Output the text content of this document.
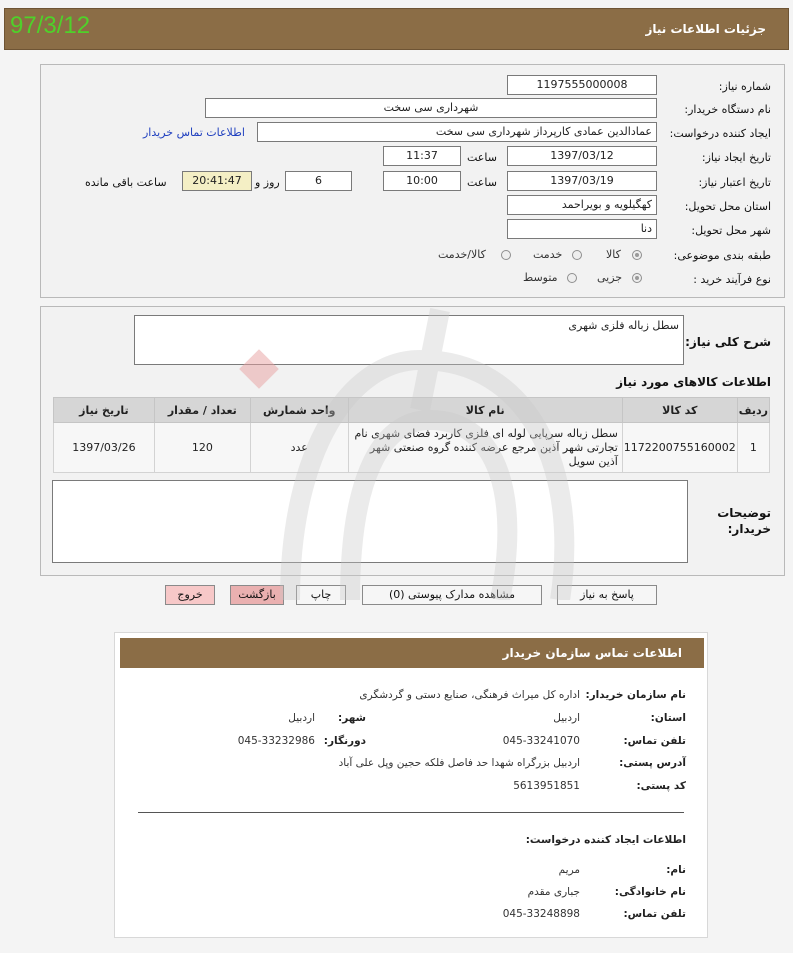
جزئیات اطلاعات نیاز
97/3/12
شماره نیاز:
1197555000008
نام دستگاه خریدار:
شهرداری سی سخت
ایجاد کننده درخواست:
عمادالدین عمادی کارپرداز شهرداری سی سخت
اطلاعات تماس خریدار
تاریخ ایجاد نیاز:
1397/03/12
ساعت
11:37
تاریخ اعتبار نیاز:
1397/03/19
ساعت
10:00
6
روز و
20:41:47
ساعت باقی مانده
استان محل تحویل:
کهگیلویه و بویراحمد
شهر محل تحویل:
دنا
طبقه بندی موضوعی:
کالا
خدمت
کالا/خدمت
نوع فرآیند خرید :
جزیی
متوسط
شرح کلی نیاز:
سطل زباله فلزی شهری
اطلاعات کالاهای مورد نیاز
ردیف	کد کالا	نام کالا	واحد شمارش	تعداد / مقدار	تاریخ نیاز
1	1172200755160002	سطل زباله سرپایی لوله ای فلزی کاربرد فضای شهری نام تجارتی شهر آذین مرجع عرضه کننده گروه صنعتی شهر آذین سویل	عدد	120	1397/03/26
توضیحات خریدار:
پاسخ به نیاز
مشاهده مدارک پیوستی (0)
چاپ
بازگشت
خروج
اطلاعات تماس سازمان خریدار
نام سازمان خریدار:
اداره کل میراث فرهنگی، صنایع دستی و گردشگری
استان:
اردبیل
شهر:
اردبیل
تلفن تماس:
045-33241070
دورنگار:
045-33232986
آدرس پستی:
اردبیل بزرگراه شهدا حد فاصل فلکه حجین وپل علی آباد
کد پستی:
5613951851
اطلاعات ایجاد کننده درخواست:
نام:
مریم
نام خانوادگی:
جباری مقدم
تلفن تماس:
045-33248898
